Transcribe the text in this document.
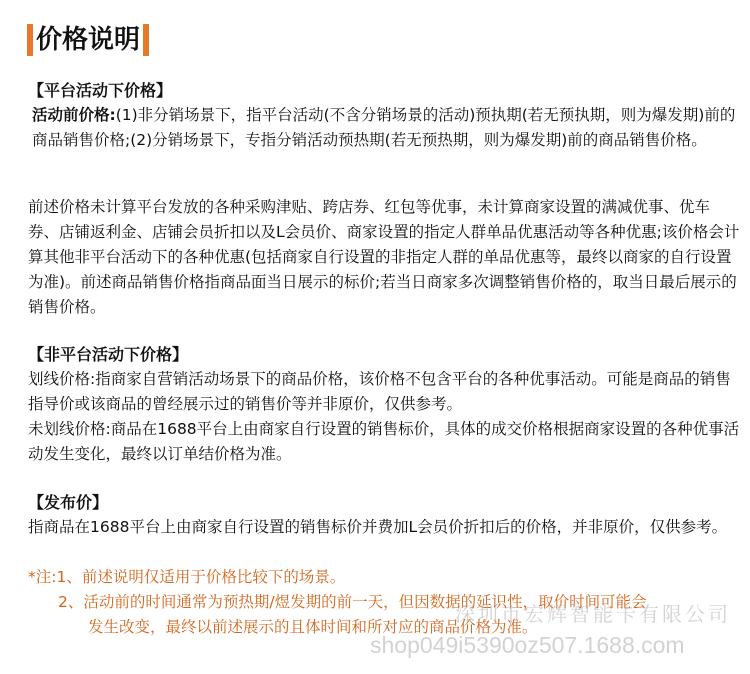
价格说明
【平台活动下价格】
活动前价格:(1)非分销场景下，指平台活动(不含分销场景的活动)预执期(若无预执期，则为爆发期)前的商品销售价格;(2)分销场景下，专指分销活动预热期(若无预热期，则为爆发期)前的商品销售价格。
前述价格未计算平台发放的各种采购津贴、跨店券、红包等优事，未计算商家设置的满减优事、优车券、店铺返利金、店铺会员折扣以及L会员价、商家设置的指定人群单品优惠活动等各种优惠;该价格会计算其他非平台活动下的各种优惠(包括商家自行设置的非指定人群的单品优惠等，最终以商家的自行设置为准)。前述商品销售价格指商品面当日展示的标价;若当日商家多次调整销售价格的，取当日最后展示的销售价格。
【非平台活动下价格】
划线价格:指商家自营销活动场景下的商品价格，该价格不包含平台的各种优事活动。可能是商品的销售指导价或该商品的曾经展示过的销售价等并非原价，仅供参考。
未划线价格:商品在1688平台上由商家自行设置的销售标价，具体的成交价格根据商家设置的各种优事活动发生变化，最终以订单结价格为准。
【发布价】
指商品在1688平台上由商家自行设置的销售标价并费加L会员价折扣后的价格，并非原价，仅供参考。
*注:1、前述说明仅适用于价格比较下的场景。
2、活动前的时间通常为预热期/煜发期的前一天，但因数据的延识性，取价时间可能会
发生改变，最终以前述展示的且体时间和所对应的商品价格为准。
深圳市宏辉智能卡有限公司
shop049i5390oz507.1688.com
